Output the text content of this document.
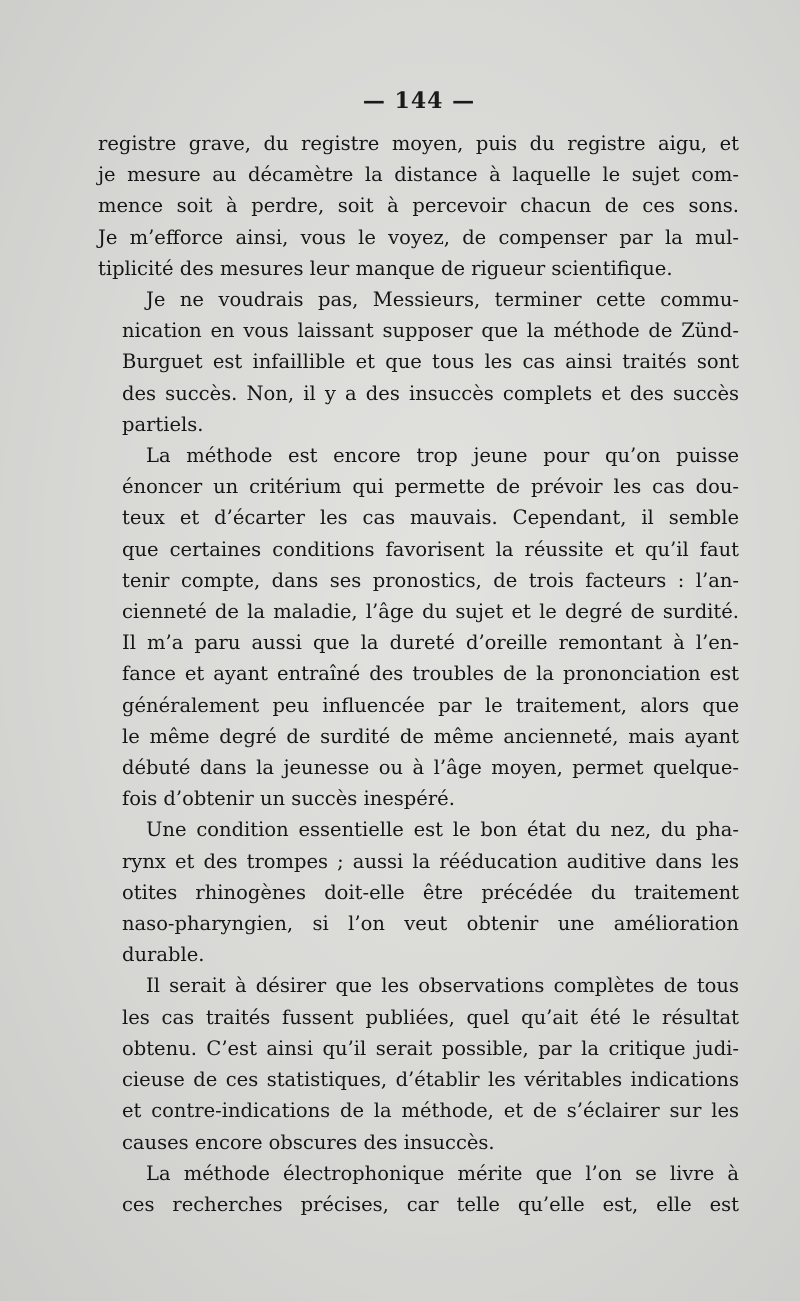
— 144 —
registre grave, du registre moyen, puis du registre aigu, et
je mesure au décamètre la distance à laquelle le sujet com-
mence soit à perdre, soit à percevoir chacun de ces sons.
Je m’efforce ainsi, vous le voyez, de compenser par la mul-
tiplicité des mesures leur manque de rigueur scientifique.
Je ne voudrais pas, Messieurs, terminer cette commu-
nication en vous laissant supposer que la méthode de Zünd-
Burguet est infaillible et que tous les cas ainsi traités sont
des succès. Non, il y a des insuccès complets et des succès
partiels.
La méthode est encore trop jeune pour qu’on puisse
énoncer un critérium qui permette de prévoir les cas dou-
teux et d’écarter les cas mauvais. Cependant, il semble
que certaines conditions favorisent la réussite et qu’il faut
tenir compte, dans ses pronostics, de trois facteurs : l’an-
cienneté de la maladie, l’âge du sujet et le degré de surdité.
Il m’a paru aussi que la dureté d’oreille remontant à l’en-
fance et ayant entraîné des troubles de la prononciation est
généralement peu influencée par le traitement, alors que
le même degré de surdité de même ancienneté, mais ayant
débuté dans la jeunesse ou à l’âge moyen, permet quelque-
fois d’obtenir un succès inespéré.
Une condition essentielle est le bon état du nez, du pha-
rynx et des trompes ; aussi la rééducation auditive dans les
otites rhinogènes doit-elle être précédée du traitement
naso-pharyngien, si l’on veut obtenir une amélioration
durable.
Il serait à désirer que les observations complètes de tous
les cas traités fussent publiées, quel qu’ait été le résultat
obtenu. C’est ainsi qu’il serait possible, par la critique judi-
cieuse de ces statistiques, d’établir les véritables indications
et contre-indications de la méthode, et de s’éclairer sur les
causes encore obscures des insuccès.
La méthode électrophonique mérite que l’on se livre à
ces recherches précises, car telle qu’elle est, elle est
